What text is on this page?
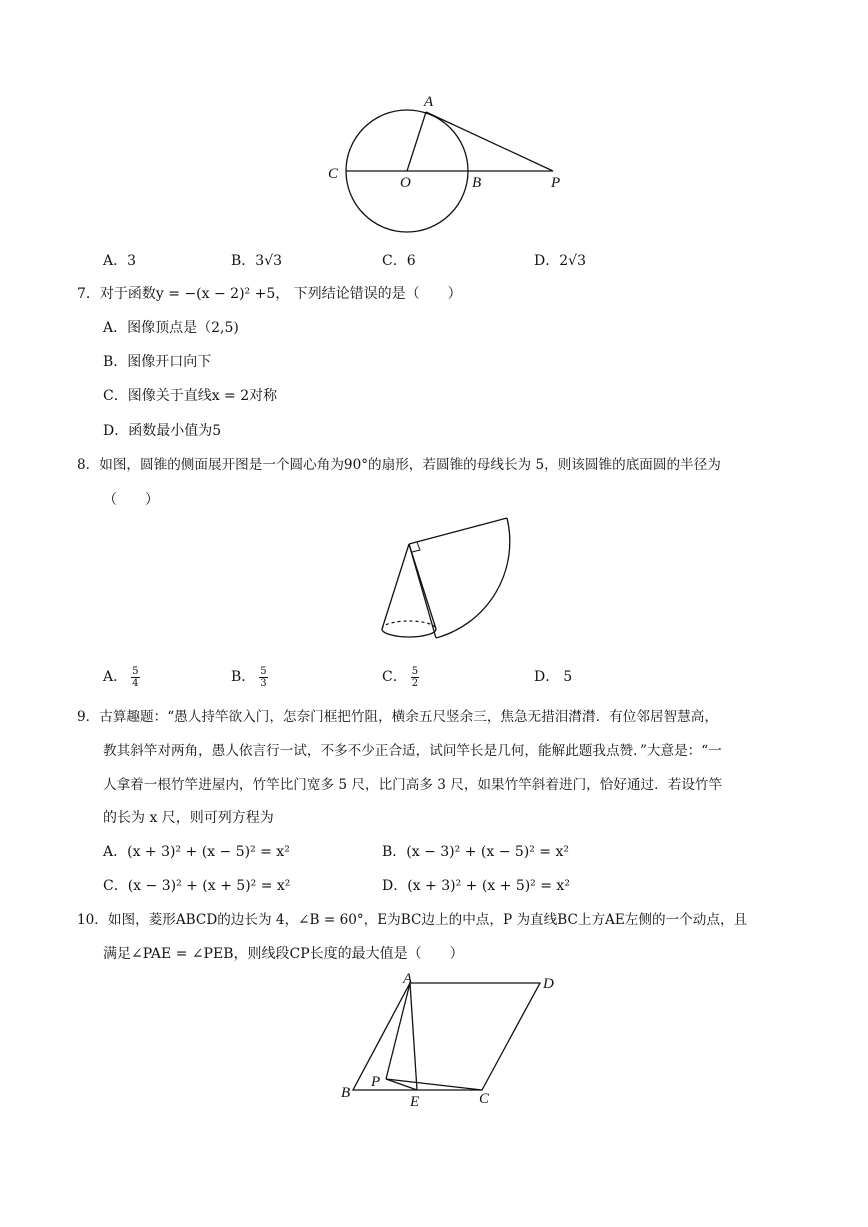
A
C
O	B	P
A．3	B．3√3	C．6	D．2√3
7．对于函数y = −(x − 2)² +5， 下列结论错误的是（　　）
A．图像顶点是（2,5)
B．图像开口向下
C．图像关于直线x = 2对称
D．函数最小值为5
8．如图，圆锥的侧面展开图是一个圆心角为90°的扇形，若圆锥的母线长为 5，则该圆锥的底面圆的半径为
（　　）
A． $\frac{5}{4}$	B． $\frac{5}{3}$	C． $\frac{5}{2}$	D． 5
9．古算趣题：“愚人持竿欲入门，怎奈门框把竹阻，横余五尺竖余三，焦急无措泪潸潸．有位邻居智慧高，
教其斜竿对两角，愚人依言行一试，不多不少正合适，试问竿长是几何，能解此题我点赞．”大意是：“一
人拿着一根竹竿进屋内，竹竿比门宽多 5 尺，比门高多 3 尺，如果竹竿斜着进门，恰好通过．若设竹竿
的长为 x 尺，则可列方程为
A．(x + 3)² + (x − 5)² = x²	B．(x − 3)² + (x − 5)² = x²
C．(x − 3)² + (x + 5)² = x²	D．(x + 3)² + (x + 5)² = x²
10．如图，菱形ABCD的边长为 4，∠B = 60°，E为BC边上的中点，P 为直线BC上方AE左侧的一个动点，且
满足∠PAE = ∠PEB，则线段CP长度的最大值是（　　）
A	D
B
P
E	C
